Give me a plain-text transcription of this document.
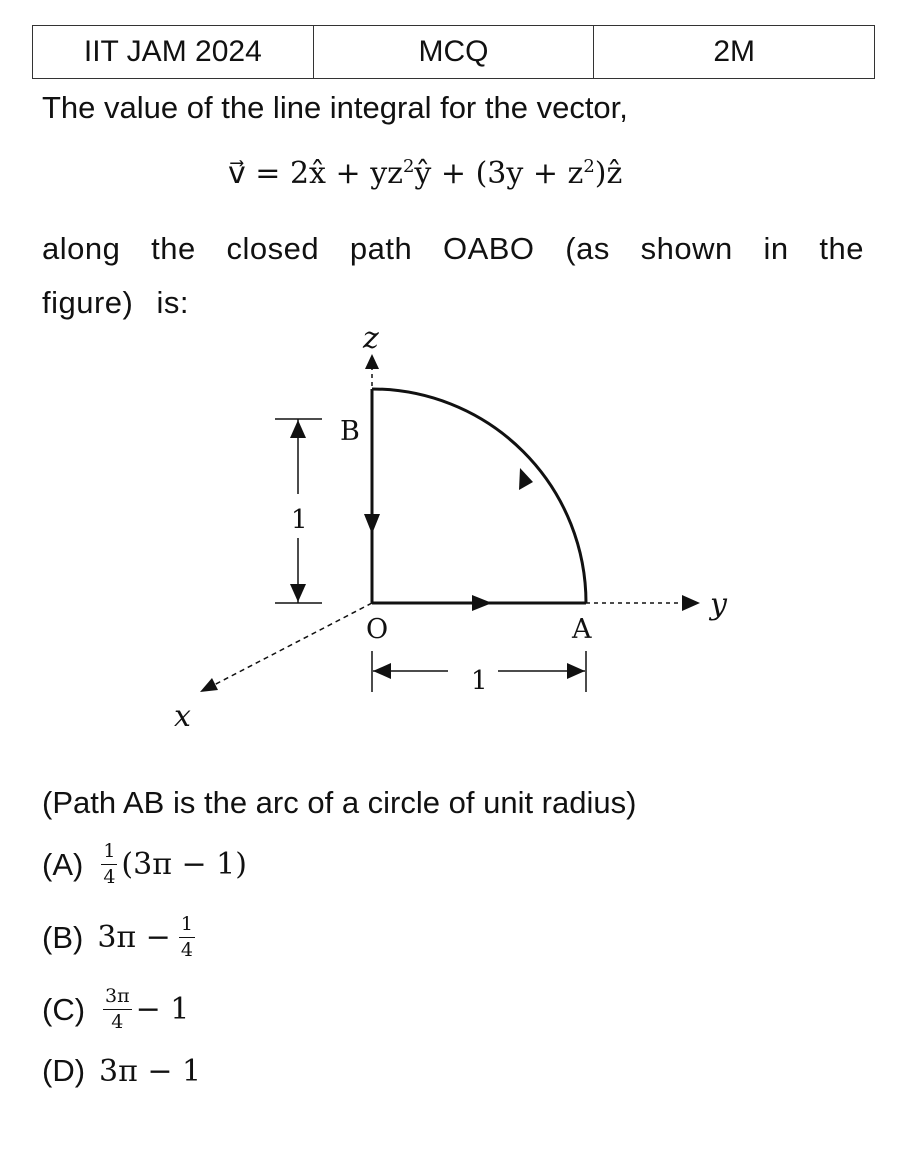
IIT JAM 2024	MCQ	2M
The value of the line integral for the vector,
v⃗ = 2x̂ + $yz^2ŷ + (3y$ + $z^2)ẑ$
along the closed path OABO (as shown in the figure) is:
z
x
B
O	A
1
1
y
(Path AB is the arc of a circle of unit radius)
$(A) \frac{1}{4} (3\pi - 1)$
(B) $3\pi - \frac{1}{4}$
$(C) \frac{3\pi}{4} - 1$
(D) 3π − 1
